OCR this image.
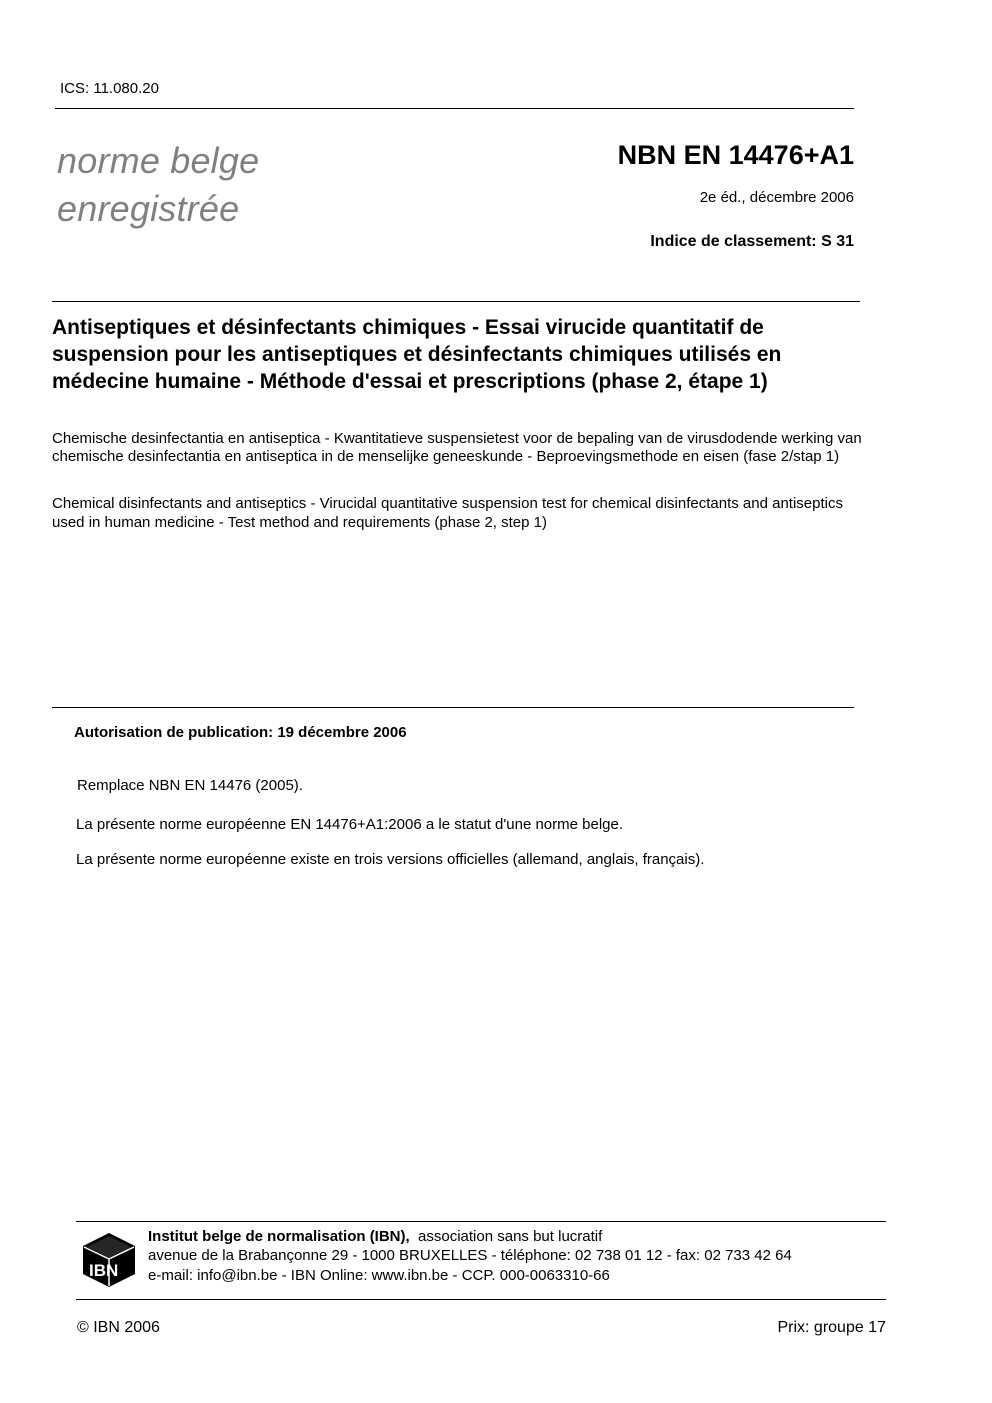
ICS: 11.080.20
norme belge
enregistrée
NBN EN 14476+A1
2e éd., décembre 2006
Indice de classement: S 31
Antiseptiques et désinfectants chimiques - Essai virucide quantitatif de suspension pour les antiseptiques et désinfectants chimiques utilisés en médecine humaine - Méthode d'essai et prescriptions (phase 2, étape 1)
Chemische desinfectantia en antiseptica - Kwantitatieve suspensietest voor de bepaling van de virusdodende werking van chemische desinfectantia en antiseptica in de menselijke geneeskunde - Beproevingsmethode en eisen (fase 2/stap 1)
Chemical disinfectants and antiseptics - Virucidal quantitative suspension test for chemical disinfectants and antiseptics used in human medicine - Test method and requirements (phase 2, step 1)
Autorisation de publication: 19 décembre 2006
Remplace NBN EN 14476 (2005).
La présente norme européenne EN 14476+A1:2006 a le statut d'une norme belge.
La présente norme européenne existe en trois versions officielles (allemand, anglais, français).
IBN
Institut belge de normalisation (IBN), association sans but lucratif
avenue de la Brabançonne 29 - 1000 BRUXELLES - téléphone: 02 738 01 12 - fax: 02 733 42 64
e-mail: info@ibn.be - IBN Online: www.ibn.be - CCP. 000-0063310-66
© IBN 2006	Prix: groupe 17
